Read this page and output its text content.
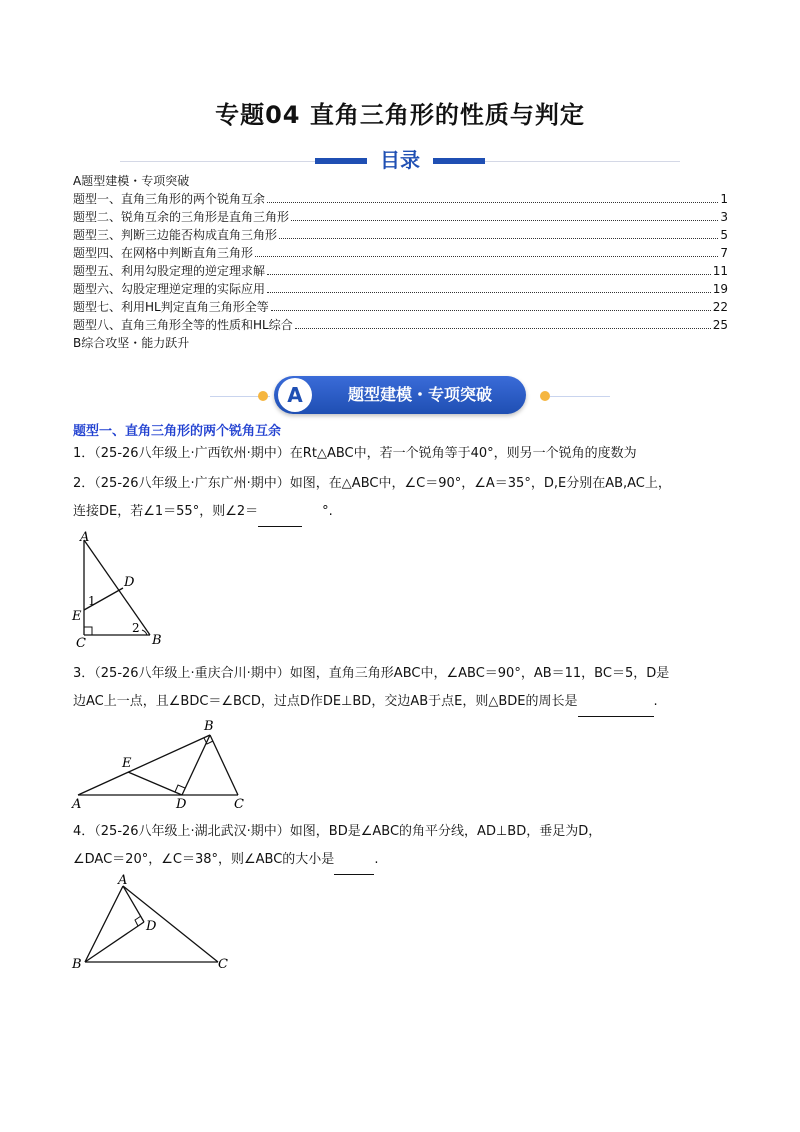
专题04 直角三角形的性质与判定
目录
A题型建模・专项突破
题型一、直角三角形的两个锐角互余	1
题型二、锐角互余的三角形是直角三角形	3
题型三、判断三边能否构成直角三角形	5
题型四、在网格中判断直角三角形	7
题型五、利用勾股定理的逆定理求解	11
题型六、勾股定理逆定理的实际应用	19
题型七、利用HL判定直角三角形全等	22
题型八、直角三角形全等的性质和HL综合	25
B综合攻坚・能力跃升
A	题型建模・专项突破
题型一、直角三角形的两个锐角互余
1．（25-26八年级上·广西钦州·期中）在Rt△ABC中，若一个锐角等于40°，则另一个锐角的度数为
2．（25-26八年级上·广东广州·期中）如图，在△ABC中，∠C＝90°，∠A＝35°，D,E分别在AB,AC上，
连接DE，若∠1＝55°，则∠2＝	°.
A
B
C
D
E
1
2
3．（25-26八年级上·重庆合川·期中）如图，直角三角形ABC中，∠ABC＝90°，AB＝11，BC＝5，D是
边AC上一点，且∠BDC＝∠BCD，过点D作DE⊥BD，交边AB于点E，则△BDE的周长是	.
A
B
C
D
E
4．（25-26八年级上·湖北武汉·期中）如图，BD是∠ABC的角平分线，AD⊥BD，垂足为D，
∠DAC＝20°，∠C＝38°，则∠ABC的大小是	.
A
B	C
D
